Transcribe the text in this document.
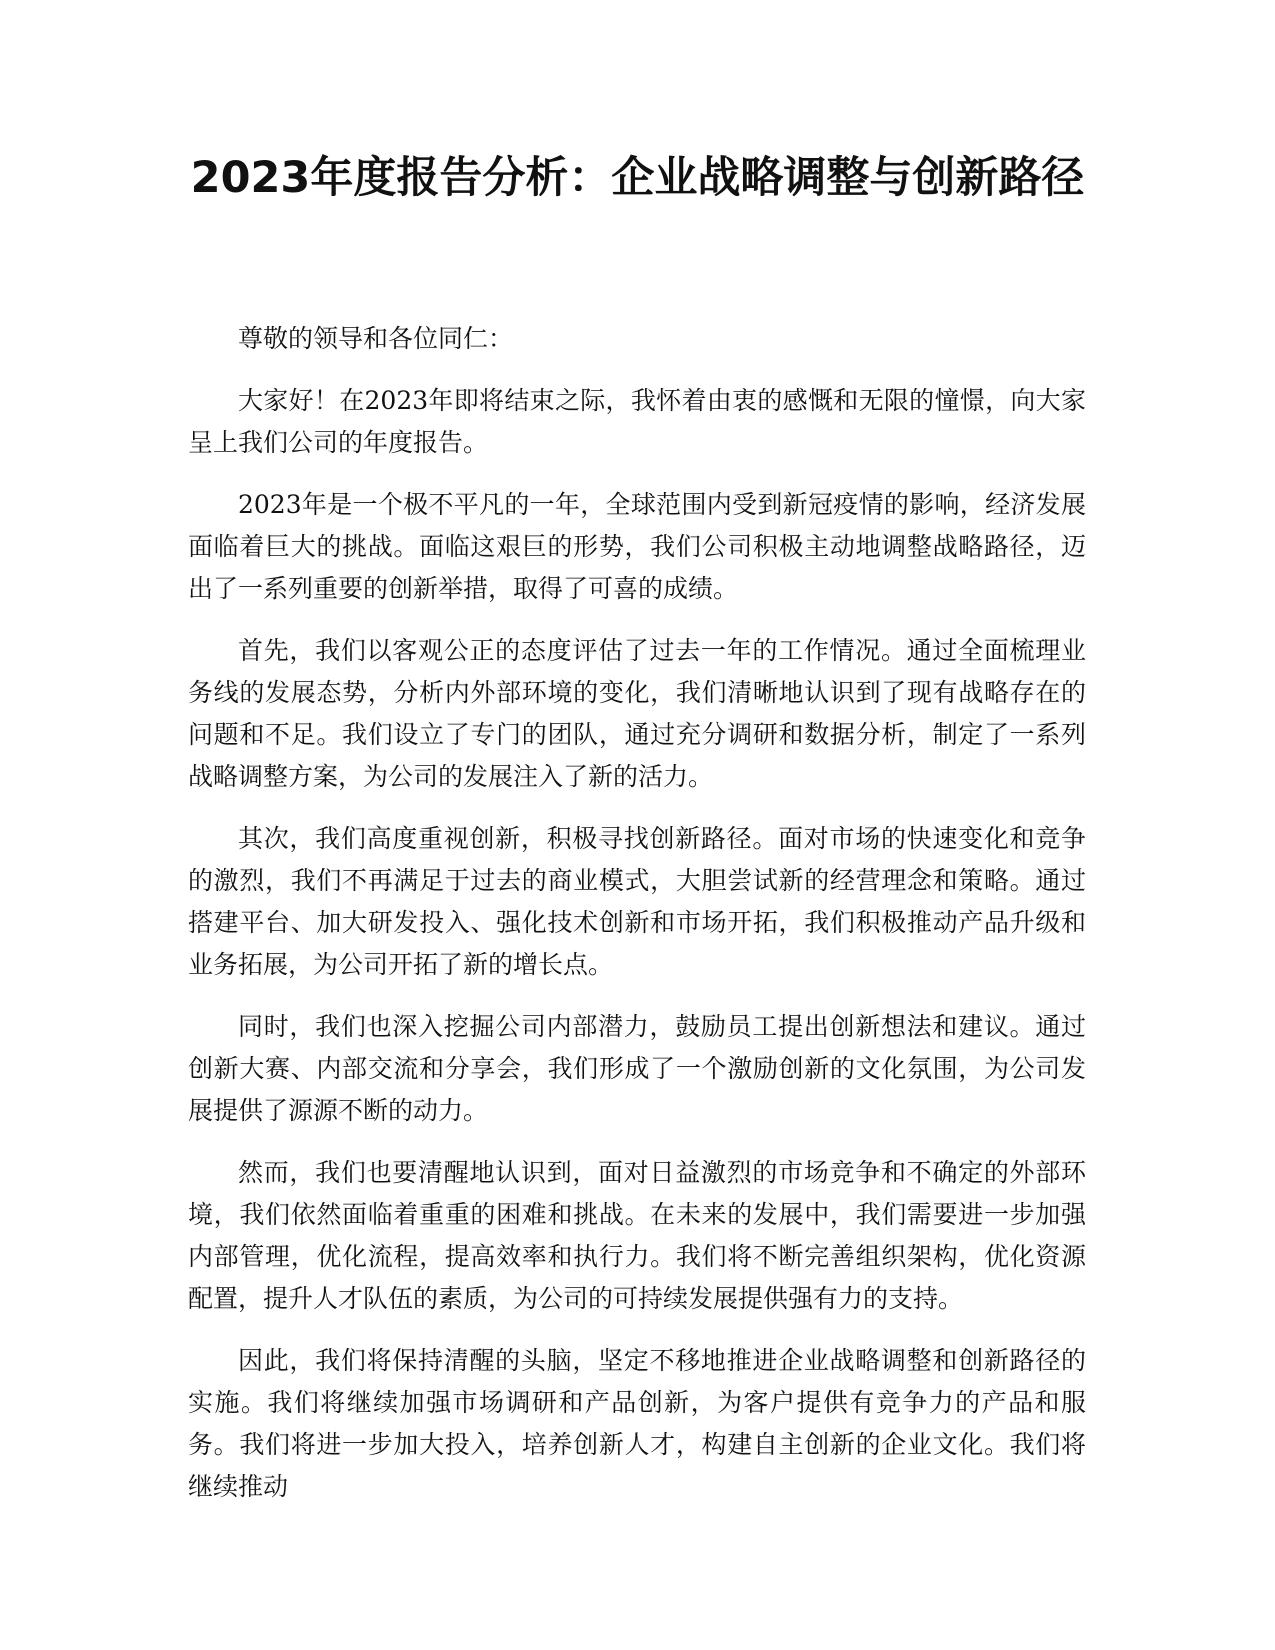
2023年度报告分析：企业战略调整与创新路径

尊敬的领导和各位同仁：

大家好！在2023年即将结束之际，我怀着由衷的感慨和无限的憧憬，向大家呈上我们公司的年度报告。

2023年是一个极不平凡的一年，全球范围内受到新冠疫情的影响，经济发展面临着巨大的挑战。面临这艰巨的形势，我们公司积极主动地调整战略路径，迈出了一系列重要的创新举措，取得了可喜的成绩。

首先，我们以客观公正的态度评估了过去一年的工作情况。通过全面梳理业务线的发展态势，分析内外部环境的变化，我们清晰地认识到了现有战略存在的问题和不足。我们设立了专门的团队，通过充分调研和数据分析，制定了一系列战略调整方案，为公司的发展注入了新的活力。

其次，我们高度重视创新，积极寻找创新路径。面对市场的快速变化和竞争的激烈，我们不再满足于过去的商业模式，大胆尝试新的经营理念和策略。通过搭建平台、加大研发投入、强化技术创新和市场开拓，我们积极推动产品升级和业务拓展，为公司开拓了新的增长点。

同时，我们也深入挖掘公司内部潜力，鼓励员工提出创新想法和建议。通过创新大赛、内部交流和分享会，我们形成了一个激励创新的文化氛围，为公司发展提供了源源不断的动力。

然而，我们也要清醒地认识到，面对日益激烈的市场竞争和不确定的外部环境，我们依然面临着重重的困难和挑战。在未来的发展中，我们需要进一步加强内部管理，优化流程，提高效率和执行力。我们将不断完善组织架构，优化资源配置，提升人才队伍的素质，为公司的可持续发展提供强有力的支持。

因此，我们将保持清醒的头脑，坚定不移地推进企业战略调整和创新路径的实施。我们将继续加强市场调研和产品创新，为客户提供有竞争力的产品和服务。我们将进一步加大投入，培养创新人才，构建自主创新的企业文化。我们将继续推动
